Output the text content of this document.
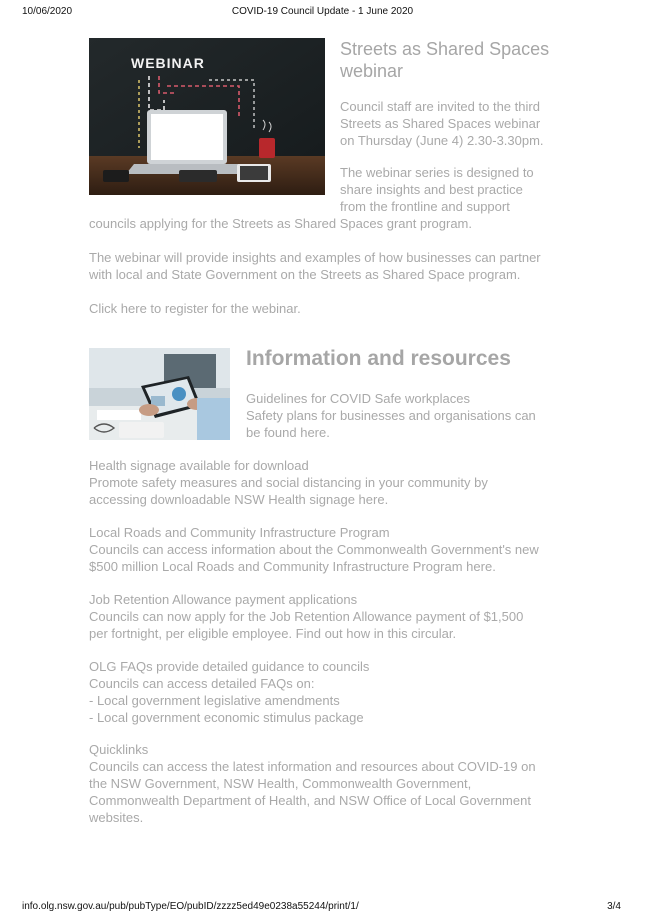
10/06/2020	COVID-19 Council Update - 1 June 2020
WEBINAR
Streets as Shared Spaces
webinar
Council staff are invited to the third
Streets as Shared Spaces webinar
on Thursday (June 4) 2.30-3.30pm.
The webinar series is designed to
share insights and best practice
from the frontline and support
councils applying for the Streets as Shared Spaces grant program.
The webinar will provide insights and examples of how businesses can partner
with local and State Government on the Streets as Shared Space program.
Click here to register for the webinar.
Information and resources
Guidelines for COVID Safe workplaces
Safety plans for businesses and organisations can
be found here.
Health signage available for download
Promote safety measures and social distancing in your community by
accessing downloadable NSW Health signage here.
Local Roads and Community Infrastructure Program
Councils can access information about the Commonwealth Government's new
$500 million Local Roads and Community Infrastructure Program here.
Job Retention Allowance payment applications
Councils can now apply for the Job Retention Allowance payment of $1,500
per fortnight, per eligible employee. Find out how in this circular.
OLG FAQs provide detailed guidance to councils
Councils can access detailed FAQs on:
- Local government legislative amendments
- Local government economic stimulus package
Quicklinks
Councils can access the latest information and resources about COVID-19 on
the NSW Government, NSW Health, Commonwealth Government,
Commonwealth Department of Health, and NSW Office of Local Government
websites.
info.olg.nsw.gov.au/pub/pubType/EO/pubID/zzzz5ed49e0238a55244/print/1/	3/4
